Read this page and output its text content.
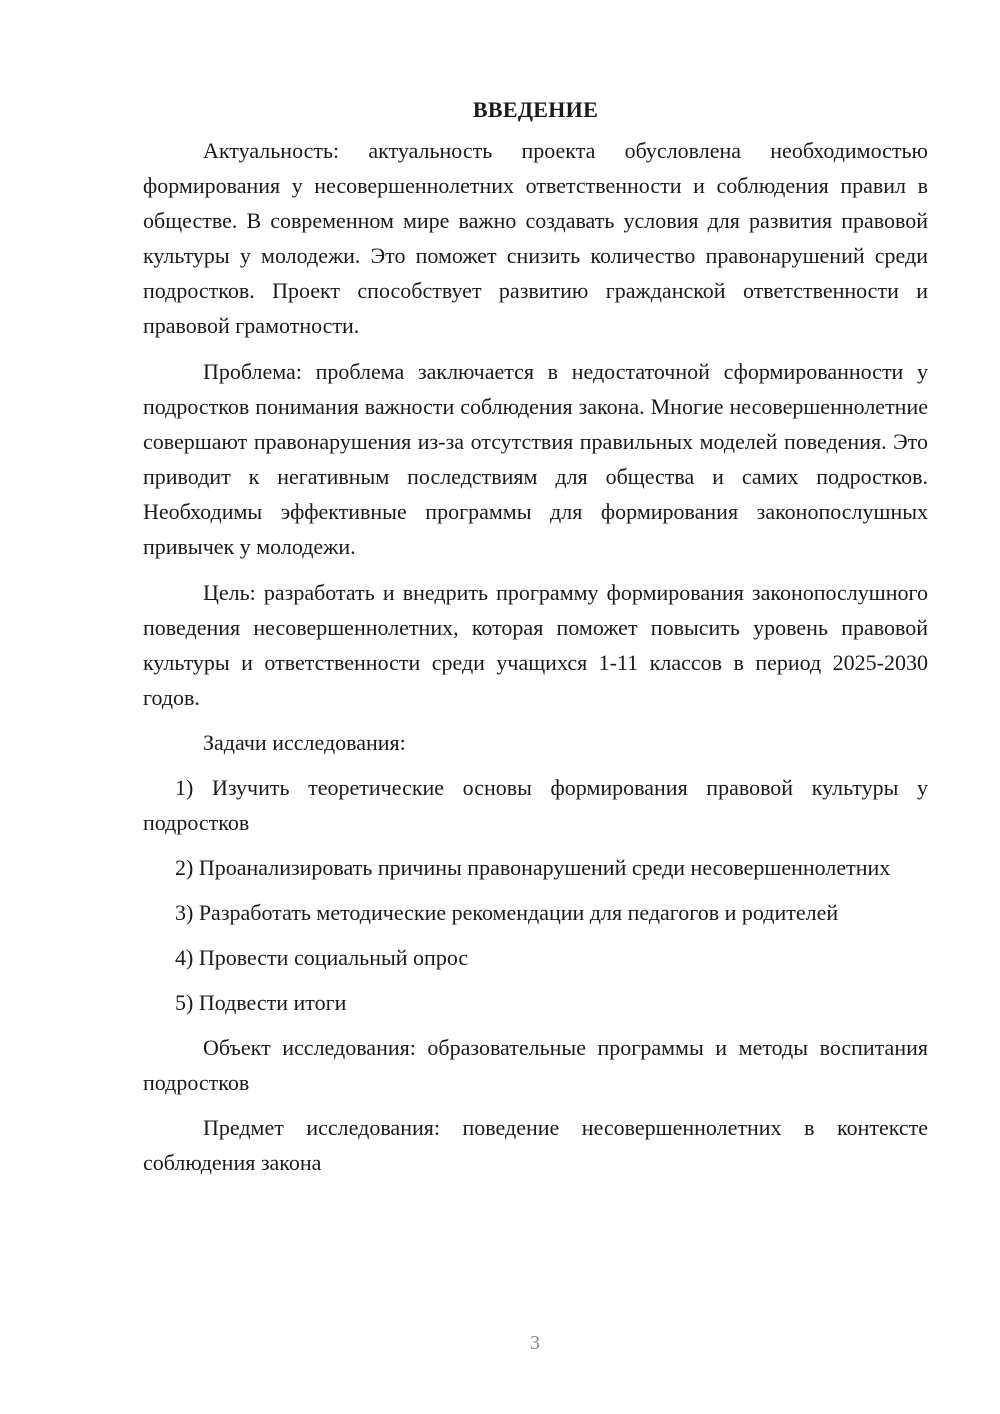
ВВЕДЕНИЕ

Актуальность: актуальность проекта обусловлена необходимостью формирования у несовершеннолетних ответственности и соблюдения правил в обществе. В современном мире важно создавать условия для развития правовой культуры у молодежи. Это поможет снизить количество правонарушений среди подростков. Проект способствует развитию гражданской ответственности и правовой грамотности.

Проблема: проблема заключается в недостаточной сформированности у подростков понимания важности соблюдения закона. Многие несовершеннолетние совершают правонарушения из-за отсутствия правильных моделей поведения. Это приводит к негативным последствиям для общества и самих подростков. Необходимы эффективные программы для формирования законопослушных привычек у молодежи.

Цель: разработать и внедрить программу формирования законопослушного поведения несовершеннолетних, которая поможет повысить уровень правовой культуры и ответственности среди учащихся 1-11 классов в период 2025-2030 годов.

Задачи исследования:

1) Изучить теоретические основы формирования правовой культуры у подростков

2) Проанализировать причины правонарушений среди несовершеннолетних

3) Разработать методические рекомендации для педагогов и родителей

4) Провести социальный опрос

5) Подвести итоги

Объект исследования: образовательные программы и методы воспитания подростков

Предмет исследования: поведение несовершеннолетних в контексте соблюдения закона

3
